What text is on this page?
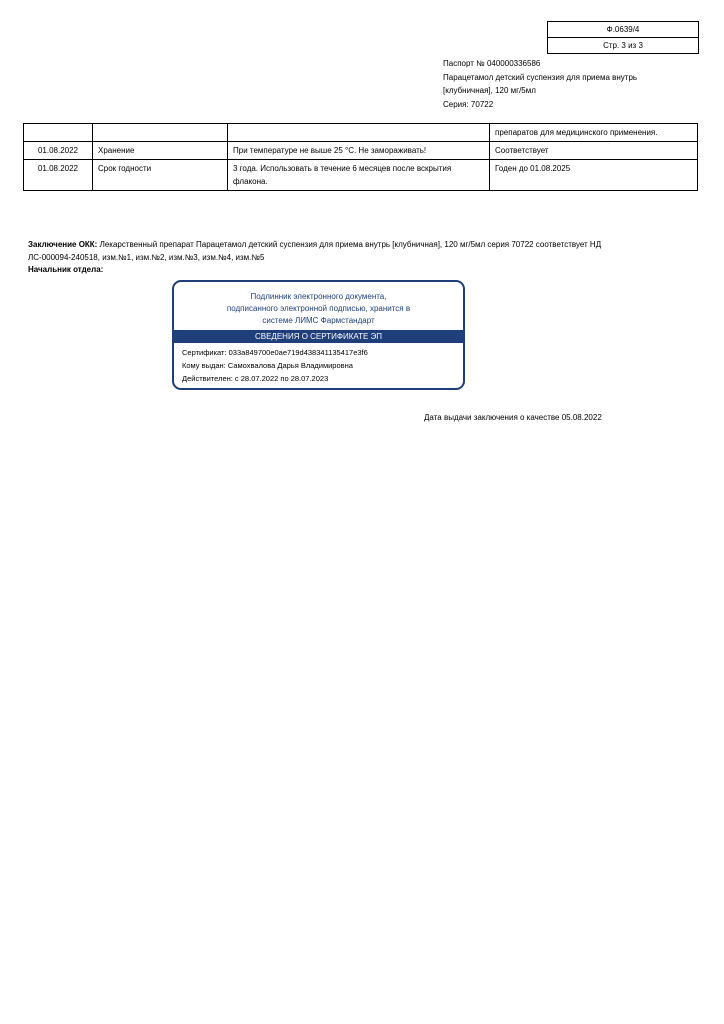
Ф.0639/4
Стр. 3 из 3
Паспорт № 040000336586
Парацетамол детский суспензия для приема внутрь
[клубничная], 120 мг/5мл
Серия: 70722
			препаратов для медицинского применения.
01.08.2022	Хранение	При температуре не выше 25 °C. Не замораживать!	Соответствует
01.08.2022	Срок годности	3 года. Использовать в течение 6 месяцев после вскрытия флакона.	Годен до 01.08.2025
Заключение ОКК: Лекарственный препарат Парацетамол детский суспензия для приема внутрь [клубничная], 120 мг/5мл серия 70722 соответствует НД ЛС-000094-240518, изм.№1, изм.№2, изм.№3, изм.№4, изм.№5
Начальник отдела:
Подлинник электронного документа,
подписанного электронной подписью, хранится в
системе ЛИМС Фармстандарт
СВЕДЕНИЯ О СЕРТИФИКАТЕ ЭП
Сертификат: 033a849700e0ae719d438341135417e3f6
Кому выдан: Самохвалова Дарья Владимировна
Действителен: с 28.07.2022 по 28.07.2023
Дата выдачи заключения о качестве 05.08.2022
